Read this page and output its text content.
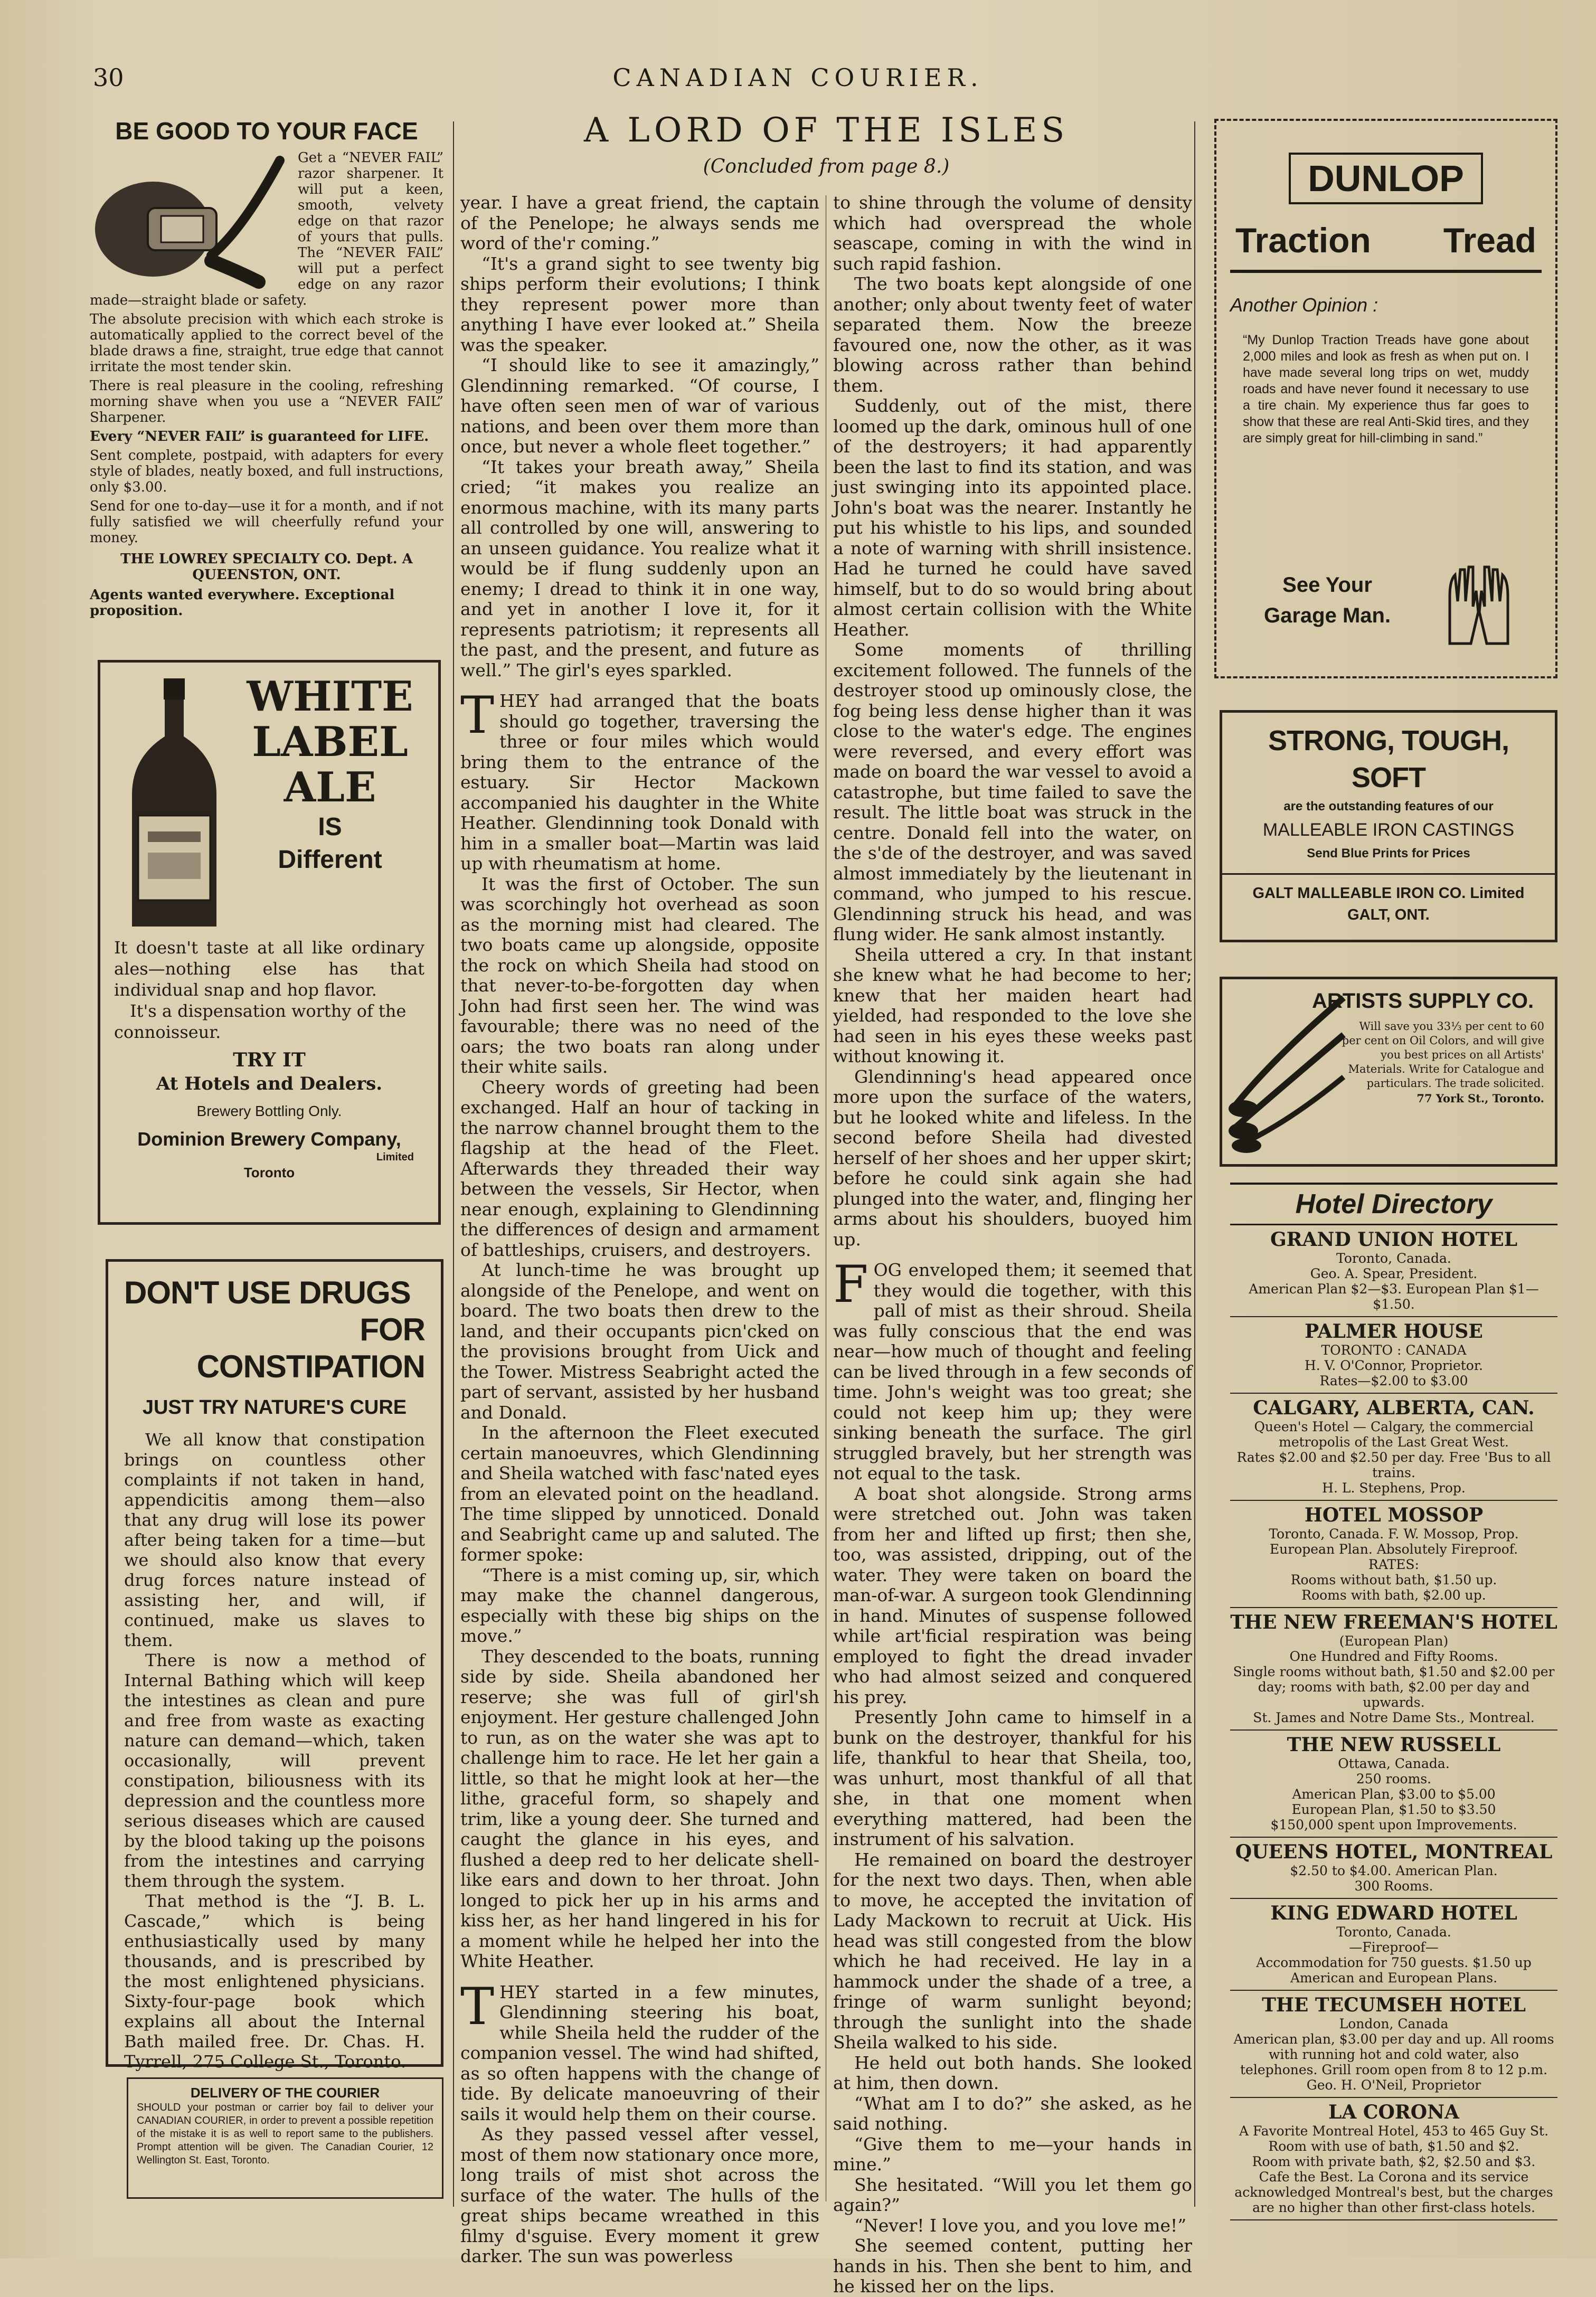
30	CANADIAN COURIER.
BE GOOD TO YOUR FACE
Get a “NEVER FAIL” razor sharpener. It will put a keen, smooth, velvety edge on that razor of yours that pulls. The “NEVER FAIL” will put a perfect edge on any razor made—straight blade or safety.
The absolute precision with which each stroke is automatically applied to the correct bevel of the blade draws a fine, straight, true edge that cannot irritate the most tender skin.
There is real pleasure in the cooling, refreshing morning shave when you use a “NEVER FAIL” Sharpener.
Every “NEVER FAIL” is guaranteed for LIFE.
Sent complete, postpaid, with adapters for every style of blades, neatly boxed, and full instructions, only $3.00.
Send for one to-day—use it for a month, and if not fully satisfied we will cheerfully refund your money.
THE LOWREY SPECIALTY CO. Dept. A QUEENSTON, ONT.
Agents wanted everywhere. Exceptional proposition.
WHITE
LABEL
ALE
IS
Different
It doesn't taste at all like ordinary ales—nothing else has that individual snap and hop flavor.
It's a dispensation worthy of the connoisseur.
TRY IT
At Hotels and Dealers.
Brewery Bottling Only.
Dominion Brewery Company,
Limited
Toronto
DON'T USE DRUGS
FOR CONSTIPATION
JUST TRY NATURE'S CURE
We all know that constipation brings on countless other complaints if not taken in hand, appendicitis among them—also that any drug will lose its power after being taken for a time—but we should also know that every drug forces nature instead of assisting her, and will, if continued, make us slaves to them.
There is now a method of Internal Bathing which will keep the intestines as clean and pure and free from waste as exacting nature can demand—which, taken occasionally, will prevent constipation, biliousness with its depression and the countless more serious diseases which are caused by the blood taking up the poisons from the intestines and carrying them through the system.
That method is the “J. B. L. Cascade,” which is being enthusiastically used by many thousands, and is prescribed by the most enlightened physicians. Sixty-four-page book which explains all about the Internal Bath mailed free. Dr. Chas. H. Tyrrell, 275 College St., Toronto.
DELIVERY OF THE COURIER
SHOULD your postman or carrier boy fail to deliver your CANADIAN COURIER, in order to prevent a possible repetition of the mistake it is as well to report same to the publishers. Prompt attention will be given. The Canadian Courier, 12 Wellington St. East, Toronto.
A LORD OF THE ISLES
(Concluded from page 8.)

year. I have a great friend, the captain of the Penelope; he always sends me word of the'r coming.”

“It's a grand sight to see twenty big ships perform their evolutions; I think they represent power more than anything I have ever looked at.” Sheila was the speaker.

“I should like to see it amazingly,” Glendinning remarked. “Of course, I have often seen men of war of various nations, and been over them more than once, but never a whole fleet together.”

“It takes your breath away,” Sheila cried; “it makes you realize an enormous machine, with its many parts all controlled by one will, answering to an unseen guidance. You realize what it would be if flung suddenly upon an enemy; I dread to think it in one way, and yet in another I love it, for it represents patriotism; it represents all the past, and the present, and future as well.” The girl's eyes sparkled.

THEY had arranged that the boats should go together, traversing the three or four miles which would bring them to the entrance of the estuary. Sir Hector Mackown accompanied his daughter in the White Heather. Glendinning took Donald with him in a smaller boat—Martin was laid up with rheumatism at home.

It was the first of October. The sun was scorchingly hot overhead as soon as the morning mist had cleared. The two boats came up alongside, opposite the rock on which Sheila had stood on that never-to-be-forgotten day when John had first seen her. The wind was favourable; there was no need of the oars; the two boats ran along under their white sails.

Cheery words of greeting had been exchanged. Half an hour of tacking in the narrow channel brought them to the flagship at the head of the Fleet. Afterwards they threaded their way between the vessels, Sir Hector, when near enough, explaining to Glendinning the differences of design and armament of battleships, cruisers, and destroyers.

At lunch-time he was brought up alongside of the Penelope, and went on board. The two boats then drew to the land, and their occupants picn'cked on the provisions brought from Uick and the Tower. Mistress Seabright acted the part of servant, assisted by her husband and Donald.

In the afternoon the Fleet executed certain manoeuvres, which Glendinning and Sheila watched with fasc'nated eyes from an elevated point on the headland. The time slipped by unnoticed. Donald and Seabright came up and saluted. The former spoke:

“There is a mist coming up, sir, which may make the channel dangerous, especially with these big ships on the move.”

They descended to the boats, running side by side. Sheila abandoned her reserve; she was full of girl'sh enjoyment. Her gesture challenged John to run, as on the water she was apt to challenge him to race. He let her gain a little, so that he might look at her—the lithe, graceful form, so shapely and trim, like a young deer. She turned and caught the glance in his eyes, and flushed a deep red to her delicate shell-like ears and down to her throat. John longed to pick her up in his arms and kiss her, as her hand lingered in his for a moment while he helped her into the White Heather.

THEY started in a few minutes, Glendinning steering his boat, while Sheila held the rudder of the companion vessel. The wind had shifted, as so often happens with the change of tide. By delicate manoeuvring of their sails it would help them on their course.

As they passed vessel after vessel, most of them now stationary once more, long trails of mist shot across the surface of the water. The hulls of the great ships became wreathed in this filmy d'sguise. Every moment it grew darker. The sun was powerless

to shine through the volume of density which had overspread the whole seascape, coming in with the wind in such rapid fashion.

The two boats kept alongside of one another; only about twenty feet of water separated them. Now the breeze favoured one, now the other, as it was blowing across rather than behind them.

Suddenly, out of the mist, there loomed up the dark, ominous hull of one of the destroyers; it had apparently been the last to find its station, and was just swinging into its appointed place. John's boat was the nearer. Instantly he put his whistle to his lips, and sounded a note of warning with shrill insistence. Had he turned he could have saved himself, but to do so would bring about almost certain collision with the White Heather.

Some moments of thrilling excitement followed. The funnels of the destroyer stood up ominously close, the fog being less dense higher than it was close to the water's edge. The engines were reversed, and every effort was made on board the war vessel to avoid a catastrophe, but time failed to save the result. The little boat was struck in the centre. Donald fell into the water, on the s'de of the destroyer, and was saved almost immediately by the lieutenant in command, who jumped to his rescue. Glendinning struck his head, and was flung wider. He sank almost instantly.

Sheila uttered a cry. In that instant she knew what he had become to her; knew that her maiden heart had yielded, had responded to the love she had seen in his eyes these weeks past without knowing it.

Glendinning's head appeared once more upon the surface of the waters, but he looked white and lifeless. In the second before Sheila had divested herself of her shoes and her upper skirt; before he could sink again she had plunged into the water, and, flinging her arms about his shoulders, buoyed him up.

FOG enveloped them; it seemed that they would die together, with this pall of mist as their shroud. Sheila was fully conscious that the end was near—how much of thought and feeling can be lived through in a few seconds of time. John's weight was too great; she could not keep him up; they were sinking beneath the surface. The girl struggled bravely, but her strength was not equal to the task.

A boat shot alongside. Strong arms were stretched out. John was taken from her and lifted up first; then she, too, was assisted, dripping, out of the water. They were taken on board the man-of-war. A surgeon took Glendinning in hand. Minutes of suspense followed while art'ficial respiration was being employed to fight the dread invader who had almost seized and conquered his prey.

Presently John came to himself in a bunk on the destroyer, thankful for his life, thankful to hear that Sheila, too, was unhurt, most thankful of all that she, in that one moment when everything mattered, had been the instrument of his salvation.

He remained on board the destroyer for the next two days. Then, when able to move, he accepted the invitation of Lady Mackown to recruit at Uick. His head was still congested from the blow which he had received. He lay in a hammock under the shade of a tree, a fringe of warm sunlight beyond; through the sunlight into the shade Sheila walked to his side.

He held out both hands. She looked at him, then down.

“What am I to do?” she asked, as he said nothing.

“Give them to me—your hands in mine.”

She hesitated. “Will you let them go again?”

“Never! I love you, and you love me!”

She seemed content, putting her hands in his. Then she bent to him, and he kissed her on the lips.

DUNLOP
Traction Tread
Another Opinion :
“My Dunlop Traction Treads have gone about 2,000 miles and look as fresh as when put on. I have made several long trips on wet, muddy roads and have never found it necessary to use a tire chain. My experience thus far goes to show that these are real Anti-Skid tires, and they are simply great for hill-climbing in sand.”
See Your
Garage Man.
STRONG, TOUGH, SOFT
are the outstanding features of our
MALLEABLE IRON CASTINGS
Send Blue Prints for Prices
GALT MALLEABLE IRON CO. Limited
GALT, ONT.
ARTISTS SUPPLY CO.
Will save you 33⅓ per cent to 60 per cent on Oil Colors, and will give you best prices on all Artists' Materials. Write for Catalogue and particulars. The trade solicited.
77 York St., Toronto.
Hotel Directory
GRAND UNION HOTEL
Toronto, Canada.
Geo. A. Spear, President.
American Plan $2—$3. European Plan $1—$1.50.
PALMER HOUSE
TORONTO : CANADA
H. V. O'Connor, Proprietor.
Rates—$2.00 to $3.00
CALGARY, ALBERTA, CAN.
Queen's Hotel — Calgary, the commercial metropolis of the Last Great West.
Rates $2.00 and $2.50 per day. Free 'Bus to all trains.
H. L. Stephens, Prop.
HOTEL MOSSOP
Toronto, Canada. F. W. Mossop, Prop.
European Plan. Absolutely Fireproof.
RATES:
Rooms without bath, $1.50 up.
Rooms with bath, $2.00 up.
THE NEW FREEMAN'S HOTEL
(European Plan)
One Hundred and Fifty Rooms.
Single rooms without bath, $1.50 and $2.00 per day; rooms with bath, $2.00 per day and upwards.
St. James and Notre Dame Sts., Montreal.
THE NEW RUSSELL
Ottawa, Canada.
250 rooms.
American Plan, $3.00 to $5.00
European Plan, $1.50 to $3.50
$150,000 spent upon Improvements.
QUEENS HOTEL, MONTREAL
$2.50 to $4.00. American Plan.
300 Rooms.
KING EDWARD HOTEL
Toronto, Canada.
—Fireproof—
Accommodation for 750 guests. $1.50 up
American and European Plans.
THE TECUMSEH HOTEL
London, Canada
American plan, $3.00 per day and up. All rooms with running hot and cold water, also telephones. Grill room open from 8 to 12 p.m.
Geo. H. O'Neil, Proprietor
LA CORONA
A Favorite Montreal Hotel, 453 to 465 Guy St.
Room with use of bath, $1.50 and $2.
Room with private bath, $2, $2.50 and $3.
Cafe the Best. La Corona and its service acknowledged Montreal's best, but the charges are no higher than other first-class hotels.
